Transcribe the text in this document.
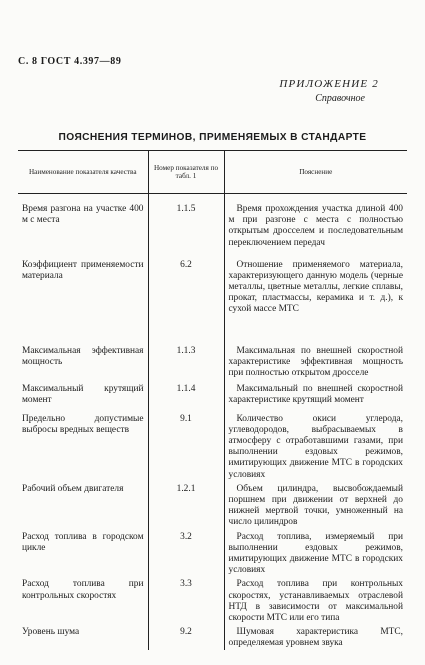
С. 8 ГОСТ 4.397—89
ПРИЛОЖЕНИЕ 2
Справочное
ПОЯСНЕНИЯ ТЕРМИНОВ, ПРИМЕНЯЕМЫХ В СТАНДАРТЕ
Наименование показателя качества	Номер показателя по табл. 1	Пояснение
Время разгона на участке 400 м с места	1.1.5	Время прохождения участка длиной 400 м при разгоне с места с полностью открытым дросселем и последовательным переключением передач
Коэффициент применяемости материала	6.2	Отношение применяемого материала, характеризующего данную модель (черные металлы, цветные металлы, легкие сплавы, прокат, пластмассы, керамика и т. д.), к сухой массе МТС
Максимальная эффективная мощность	1.1.3	Максимальная по внешней скоростной характеристике эффективная мощность при полностью открытом дросселе
Максимальный крутящий момент	1.1.4	Максимальный по внешней скоростной характеристике крутящий момент
Предельно допустимые выбросы вредных веществ	9.1	Количество окиси углерода, углеводородов, выбрасываемых в атмосферу с отработавшими газами, при выполнении ездовых режимов, имитирующих движение МТС в городских условиях
Рабочий объем двигателя	1.2.1	Объем цилиндра, высвобождаемый поршнем при движении от верхней до нижней мертвой точки, умноженный на число цилиндров
Расход топлива в городском цикле	3.2	Расход топлива, измеряемый при выполнении ездовых режимов, имитирующих движение МТС в городских условиях
Расход топлива при контрольных скоростях	3.3	Расход топлива при контрольных скоростях, устанавливаемых отраслевой НТД в зависимости от максимальной скорости МТС или его типа
Уровень шума	9.2	Шумовая характеристика МТС, определяемая уровнем звука
